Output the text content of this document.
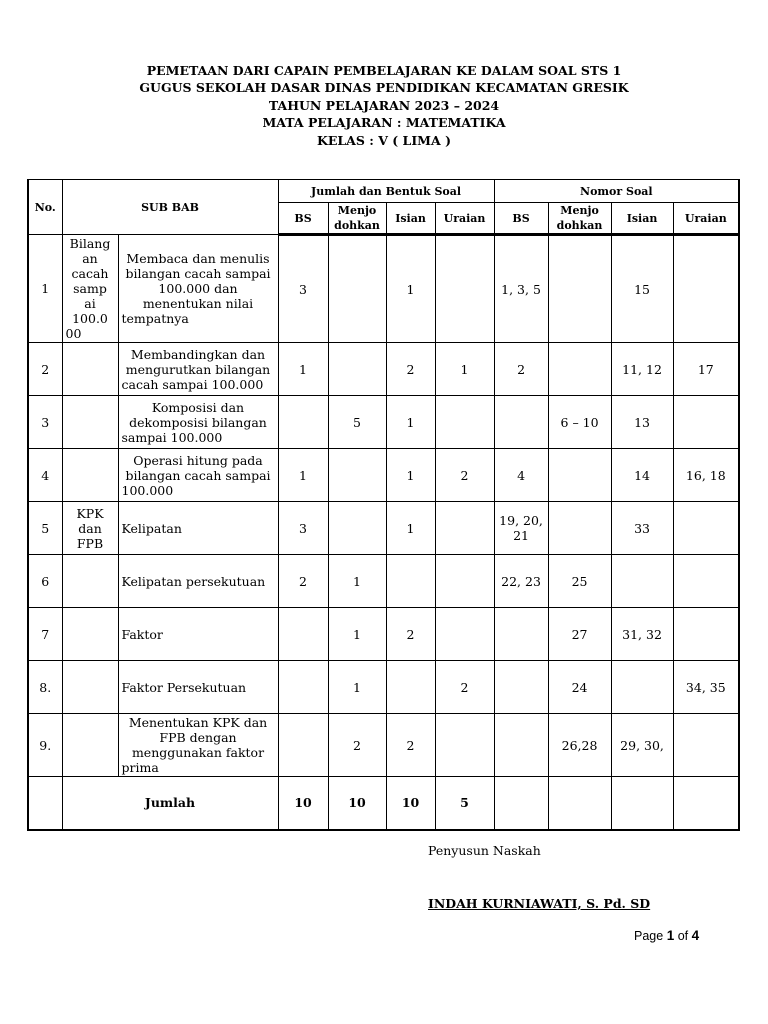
PEMETAAN DARI CAPAIN PEMBELAJARAN KE DALAM SOAL STS 1
GUGUS SEKOLAH DASAR DINAS PENDIDIKAN KECAMATAN GRESIK
TAHUN PELAJARAN 2023 – 2024
MATA PELAJARAN : MATEMATIKA
KELAS : V ( LIMA )
No.	SUB BAB		Jumlah dan Bentuk Soal				Nomor Soal			
			BS	Menjo dohkan	Isian	Uraian	BS	Menjo dohkan	Isian	Uraian
1	Bilang an cacah samp ai 100.0 00	Membaca dan menulis bilangan cacah sampai 100.000 dan menentukan nilai tempatnya	3		1		1, 3, 5		15	
2		Membandingkan dan mengurutkan bilangan cacah sampai 100.000	1		2	1	2		11, 12	17
3		Komposisi dan dekomposisi bilangan sampai 100.000		5	1			6 – 10	13	
4		Operasi hitung pada bilangan cacah sampai 100.000	1		1	2	4		14	16, 18
5	KPK dan FPB	Kelipatan	3		1		19, 20, 21		33	
6		Kelipatan persekutuan	2	1			22, 23	25		
7		Faktor		1	2			27	31, 32	
8.		Faktor Persekutuan		1		2		24		34, 35
9.		Menentukan KPK dan FPB dengan menggunakan faktor prima		2	2			26,28	29, 30,	
	Jumlah		10	10	10	5				
Penyusun Naskah
INDAH KURNIAWATI, S. Pd. SD
Page 1 of 4
